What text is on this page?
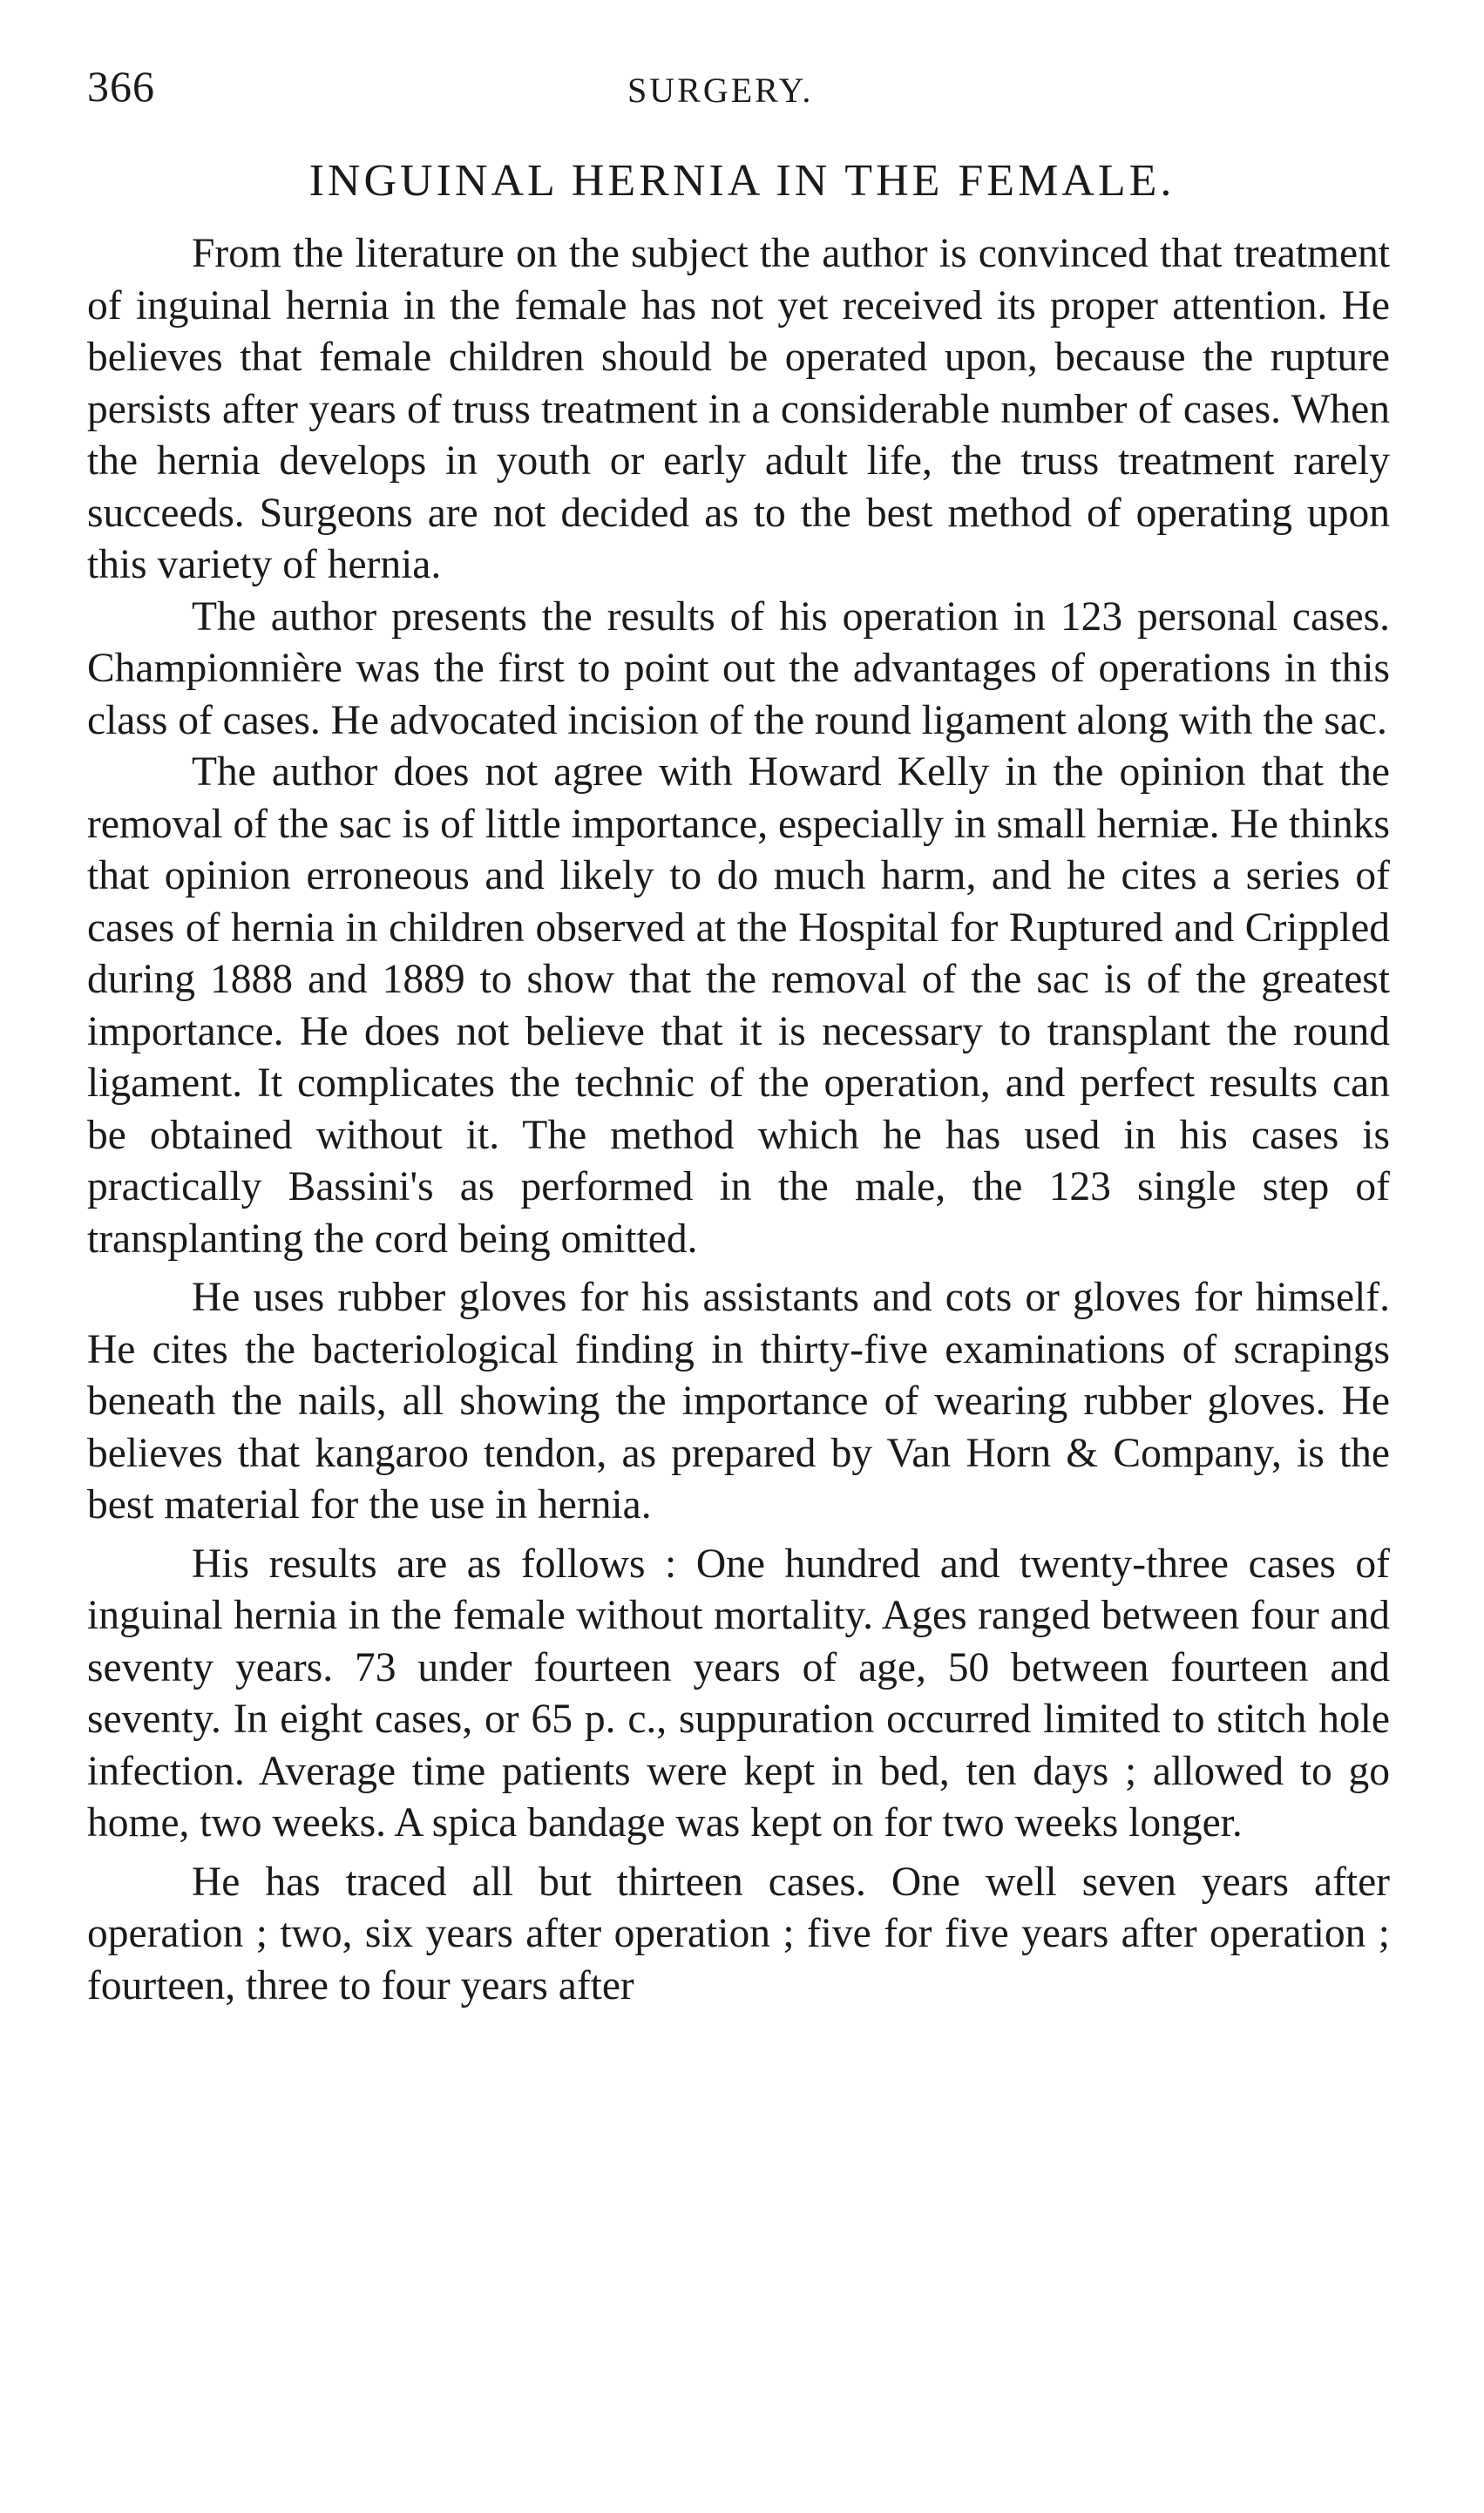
366	SURGERY.
INGUINAL HERNIA IN THE FEMALE.

From the literature on the subject the author is convinced that treatment of inguinal hernia in the female has not yet received its proper attention. He believes that female children should be operated upon, because the rupture persists after years of truss treatment in a considerable number of cases. When the hernia develops in youth or early adult life, the truss treatment rarely succeeds. Surgeons are not decided as to the best method of operating upon this variety of hernia.

The author presents the results of his operation in 123 personal cases. Championnière was the first to point out the advantages of operations in this class of cases. He advocated incision of the round ligament along with the sac.

The author does not agree with Howard Kelly in the opinion that the removal of the sac is of little importance, especially in small herniæ. He thinks that opinion erroneous and likely to do much harm, and he cites a series of cases of hernia in children observed at the Hospital for Ruptured and Crippled during 1888 and 1889 to show that the removal of the sac is of the greatest importance. He does not believe that it is necessary to transplant the round ligament. It complicates the technic of the operation, and perfect results can be obtained without it. The method which he has used in his cases is practically Bassini's as performed in the male, the 123 single step of transplanting the cord being omitted.

He uses rubber gloves for his assistants and cots or gloves for himself. He cites the bacteriological finding in thirty-five examinations of scrapings beneath the nails, all showing the importance of wearing rubber gloves. He believes that kangaroo tendon, as prepared by Van Horn & Company, is the best material for the use in hernia.

His results are as follows : One hundred and twenty-three cases of inguinal hernia in the female without mortality. Ages ranged between four and seventy years. 73 under fourteen years of age, 50 between fourteen and seventy. In eight cases, or 65 p. c., suppuration occurred limited to stitch hole infection. Average time patients were kept in bed, ten days ; allowed to go home, two weeks. A spica bandage was kept on for two weeks longer.

He has traced all but thirteen cases. One well seven years after operation ; two, six years after operation ; five for five years after operation ; fourteen, three to four years after
